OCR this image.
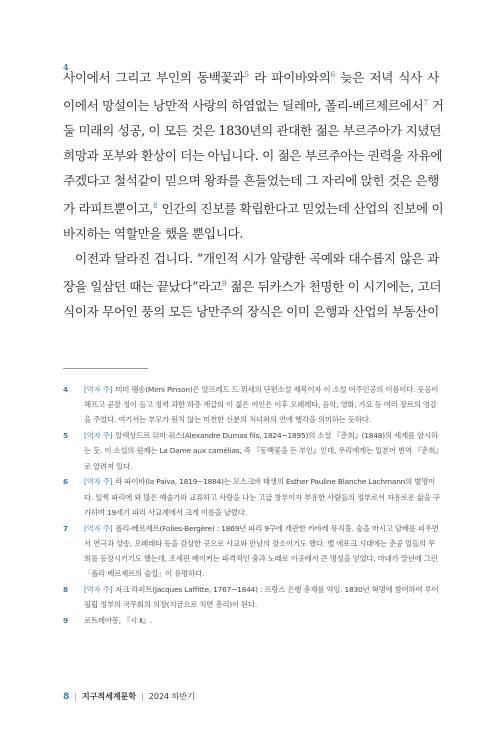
4
사이에서 그리고 부인의 동백꽃과$^5$ 라 파이바와의$^6$ 늦은 저녁 식사 사
이에서 망설이는 낭만적 사랑의 하염없는 딜레마, 폴리-베르제르에서$^7$ 거
둘 미래의 성공, 이 모든 것은 1830년의 관대한 젊은 부르주아가 지녔던
희망과 포부와 환상이 더는 아닙니다. 이 젊은 부르주아는 권력을 자유에
주겠다고 철석같이 믿으며 왕좌를 흔들었는데 그 자리에 앉힌 것은 은행
가 라피트뿐이고,$^8$ 인간의 진보를 확립한다고 믿었는데 산업의 진보에 이
바지하는 역할만을 했을 뿐입니다.
이전과 달라진 겁니다. “개인적 시가 알량한 곡예와 대수롭지 않은 과
장을 일삼던 때는 끝났다”라고$^9$ 젊은 뒤카스가 천명한 이 시기에는, 고더
식이자 무어인 풍의 모든 낭만주의 장식은 이미 은행과 산업의 부동산이
4 [역자 주] 미미 팽송(Mimi Pinson)은 알프레드 드 뮈세의 단편소설 제목이자 이 소설 여주인공의 이름이다. 웃음이 해프고 곧잘 정이 들고 정력 과한 하층 계급의 이 젊은 여인은 이후 오페레타, 음악, 영화, 가요 등 여러 장르의 영감을 주었다. 여기서는 부모가 원치 않는 미천한 신분의 처녀와의 연애 행각을 의미하는 듯하다.
5 [역자 주] 알렉상드르 뒤마 퓌스(Alexandre Dumas fils, 1824~1895)의 소설 『춘희』(1848)의 세계를 암시하는 듯. 이 소설의 원제는 La Dame aux camélias, 즉 『동백꽃을 든 부인』인데, 우리에게는 일본어 번역 『춘희』로 알려져 있다.
6 [역자 주] 라 파이바(la Païva, 1819~1884)는 모스크바 태생의 Esther Pauline Blanche Lachmann의 별명이다. 일찍 파리에 와 많은 예술가와 교류하고 사랑을 나눈 고급 창부이자 부유한 사람들의 정부로서 자유로운 삶을 구가하며 19세기 파리 사교계에서 크게 이름을 날렸다.
7 [역자 주] 폴리-베르제르(Folies-Bergère) : 1869년 파리 9구에 개관한 카바레 뮤직홀. 술을 마시고 담배를 피우면서 연극과 샹송, 오페레타 등을 감상한 곳으로 사교와 만남의 장소이기도 했다. 벨 에포크 시대에는 춘공 일들의 무희를 등장시키기도 했는데, 조세핀 베이커는 파격적인 춤과 노래로 이곳에서 큰 명성을 얻었다. 마네가 말년에 그린 「폴리 베르제르의 술집」이 유명하다.
8 [역자 주] 자크 라피트(Jacques Laffitte, 1767~1844) : 프랑스 은행 총재를 역임. 1830년 혁명에 참여하여 루이 필립 정부의 국무회의 의장(지금으로 치면 총리)이 된다.
9 로트레아몽, 『시 Ⅱ』.
8 | 지구적세계문학 | 2024 하반기
